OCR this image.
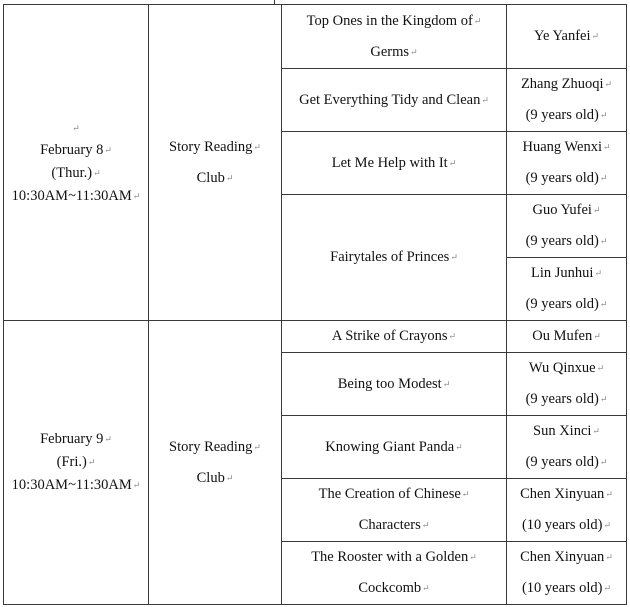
↵
February 8↵
(Thur.)↵
10:30AM~11:30AM↵	Story Reading↵
Club↵	Top Ones in the Kingdom of↵
Germs↵	Ye Yanfei↵
		Get Everything Tidy and Clean↵	Zhang Zhuoqi↵
(9 years old)↵
		Let Me Help with It↵	Huang Wenxi↵
(9 years old)↵
		Fairytales of Princes↵	Guo Yufei↵
(9 years old)↵
			Lin Junhui↵
(9 years old)↵
February 9↵
(Fri.)↵
10:30AM~11:30AM↵	Story Reading↵
Club↵	A Strike of Crayons↵	Ou Mufen↵
		Being too Modest↵	Wu Qinxue↵
(9 years old)↵
		Knowing Giant Panda↵	Sun Xinci↵
(9 years old)↵
		The Creation of Chinese↵
Characters↵	Chen Xinyuan↵
(10 years old)↵
		The Rooster with a Golden↵
Cockcomb↵	Chen Xinyuan↵
(10 years old)↵
